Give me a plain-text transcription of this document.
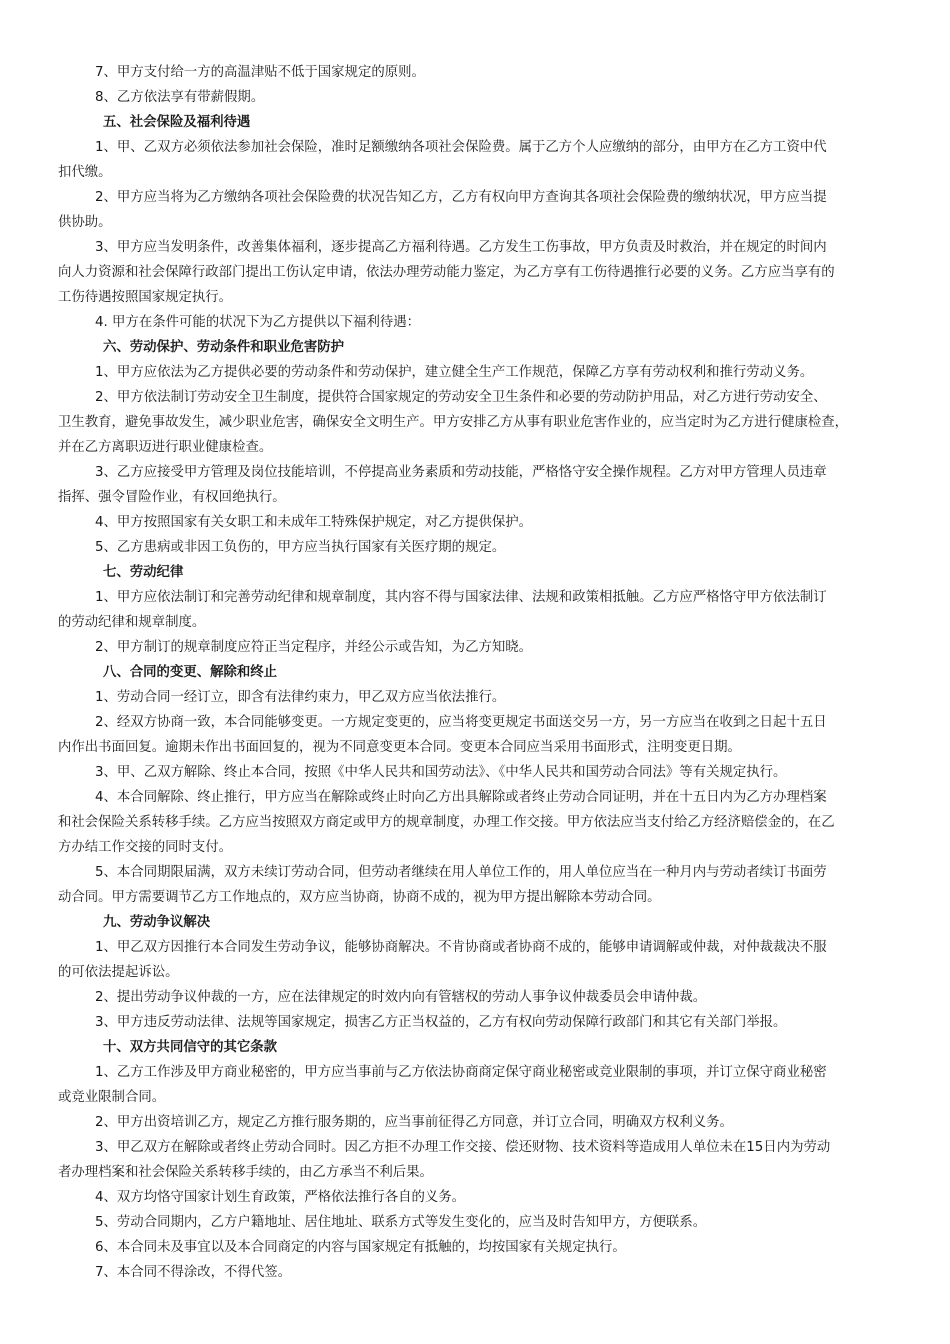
7、甲方支付给一方的高温津贴不低于国家规定的原则。
8、乙方依法享有带薪假期。
五、社会保险及福利待遇
1、甲、乙双方必须依法参加社会保险，准时足额缴纳各项社会保险费。属于乙方个人应缴纳的部分，由甲方在乙方工资中代
扣代缴。
2、甲方应当将为乙方缴纳各项社会保险费的状况告知乙方，乙方有权向甲方查询其各项社会保险费的缴纳状况，甲方应当提
供协助。
3、甲方应当发明条件，改善集体福利，逐步提高乙方福利待遇。乙方发生工伤事故，甲方负责及时救治，并在规定的时间内
向人力资源和社会保障行政部门提出工伤认定申请，依法办理劳动能力鉴定，为乙方享有工伤待遇推行必要的义务。乙方应当享有的
工伤待遇按照国家规定执行。
4. 甲方在条件可能的状况下为乙方提供以下福利待遇：
六、劳动保护、劳动条件和职业危害防护
1、甲方应依法为乙方提供必要的劳动条件和劳动保护，建立健全生产工作规范，保障乙方享有劳动权利和推行劳动义务。
2、甲方依法制订劳动安全卫生制度，提供符合国家规定的劳动安全卫生条件和必要的劳动防护用品，对乙方进行劳动安全、
卫生教育，避免事故发生，减少职业危害，确保安全文明生产。甲方安排乙方从事有职业危害作业的，应当定时为乙方进行健康检查，
并在乙方离职迈进行职业健康检查。
3、乙方应接受甲方管理及岗位技能培训，不停提高业务素质和劳动技能，严格恪守安全操作规程。乙方对甲方管理人员违章
指挥、强令冒险作业，有权回绝执行。
4、甲方按照国家有关女职工和未成年工特殊保护规定，对乙方提供保护。
5、乙方患病或非因工负伤的，甲方应当执行国家有关医疗期的规定。
七、劳动纪律
1、甲方应依法制订和完善劳动纪律和规章制度，其内容不得与国家法律、法规和政策相抵触。乙方应严格恪守甲方依法制订
的劳动纪律和规章制度。
2、甲方制订的规章制度应符正当定程序，并经公示或告知，为乙方知晓。
八、合同的变更、解除和终止
1、劳动合同一经订立，即含有法律约束力，甲乙双方应当依法推行。
2、经双方协商一致，本合同能够变更。一方规定变更的，应当将变更规定书面送交另一方，另一方应当在收到之日起十五日
内作出书面回复。逾期未作出书面回复的，视为不同意变更本合同。变更本合同应当采用书面形式，注明变更日期。
3、甲、乙双方解除、终止本合同，按照《中华人民共和国劳动法》、《中华人民共和国劳动合同法》等有关规定执行。
4、本合同解除、终止推行，甲方应当在解除或终止时向乙方出具解除或者终止劳动合同证明，并在十五日内为乙方办理档案
和社会保险关系转移手续。乙方应当按照双方商定或甲方的规章制度，办理工作交接。甲方依法应当支付给乙方经济赔偿金的，在乙
方办结工作交接的同时支付。
5、本合同期限届满，双方未续订劳动合同，但劳动者继续在用人单位工作的，用人单位应当在一种月内与劳动者续订书面劳
动合同。甲方需要调节乙方工作地点的，双方应当协商，协商不成的，视为甲方提出解除本劳动合同。
九、劳动争议解决
1、甲乙双方因推行本合同发生劳动争议，能够协商解决。不肯协商或者协商不成的，能够申请调解或仲裁，对仲裁裁决不服
的可依法提起诉讼。
2、提出劳动争议仲裁的一方，应在法律规定的时效内向有管辖权的劳动人事争议仲裁委员会申请仲裁。
3、甲方违反劳动法律、法规等国家规定，损害乙方正当权益的，乙方有权向劳动保障行政部门和其它有关部门举报。
十、双方共同信守的其它条款
1、乙方工作涉及甲方商业秘密的，甲方应当事前与乙方依法协商商定保守商业秘密或竞业限制的事项，并订立保守商业秘密
或竞业限制合同。
2、甲方出资培训乙方，规定乙方推行服务期的，应当事前征得乙方同意，并订立合同，明确双方权利义务。
3、甲乙双方在解除或者终止劳动合同时。因乙方拒不办理工作交接、偿还财物、技术资料等造成用人单位未在15日内为劳动
者办理档案和社会保险关系转移手续的，由乙方承当不利后果。
4、双方均恪守国家计划生育政策，严格依法推行各自的义务。
5、劳动合同期内，乙方户籍地址、居住地址、联系方式等发生变化的，应当及时告知甲方，方便联系。
6、本合同未及事宜以及本合同商定的内容与国家规定有抵触的，均按国家有关规定执行。
7、本合同不得涂改，不得代签。
